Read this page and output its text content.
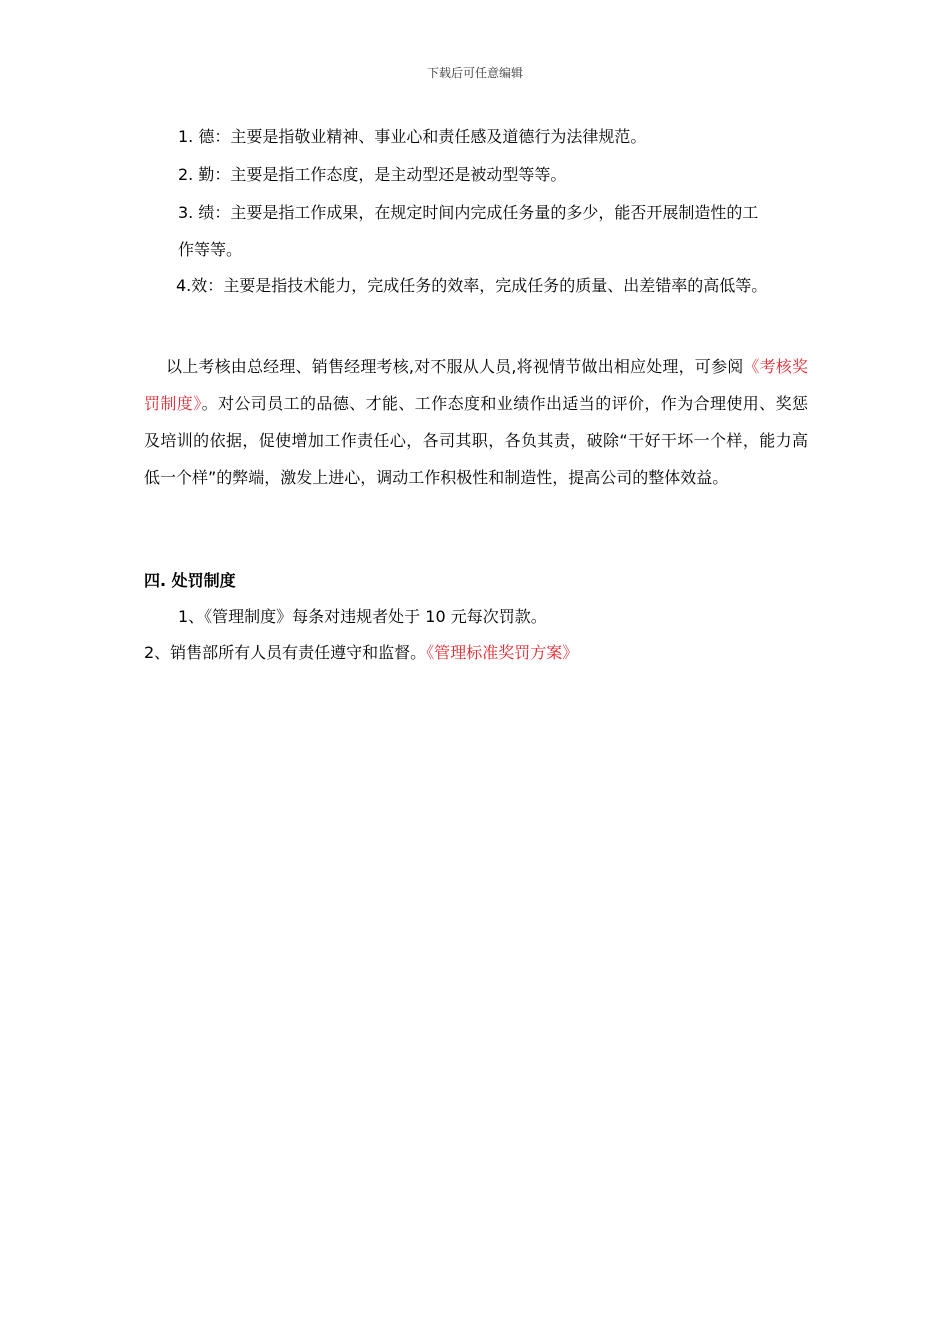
下载后可任意编辑
1. 德：主要是指敬业精神、事业心和责任感及道德行为法律规范。
2. 勤：主要是指工作态度，是主动型还是被动型等等。
3. 绩：主要是指工作成果，在规定时间内完成任务量的多少，能否开展制造性的工
作等等。
4.效：主要是指技术能力，完成任务的效率，完成任务的质量、出差错率的高低等。
以上考核由总经理、销售经理考核,对不服从人员,将视情节做出相应处理，可参阅《考核奖罚制度》。对公司员工的品德、才能、工作态度和业绩作出适当的评价，作为合理使用、奖惩及培训的依据，促使增加工作责任心，各司其职，各负其责，破除“干好干坏一个样，能力高低一个样”的弊端，激发上进心，调动工作积极性和制造性，提高公司的整体效益。
四. 处罚制度
1、《管理制度》每条对违规者处于 10 元每次罚款。
2、销售部所有人员有责任遵守和监督。《管理标准奖罚方案》
